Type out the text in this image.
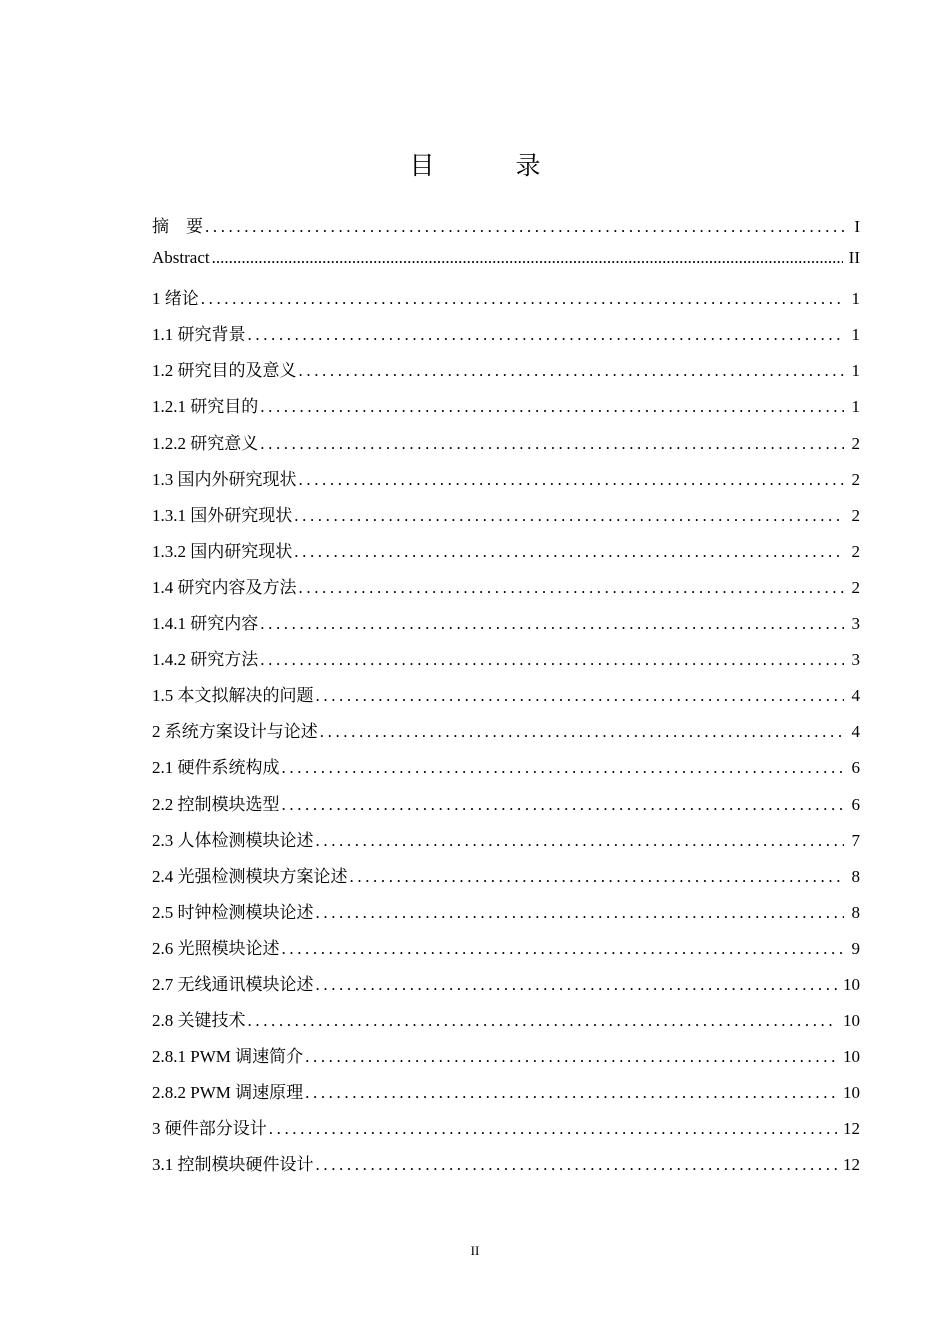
目　录
摘　要 .....	I
Abstract .....	II
1 绪论 .....	1
1.1 研究背景 .....	1
1.2 研究目的及意义 .....	1
1.2.1 研究目的 .....	1
1.2.2 研究意义 .....	2
1.3 国内外研究现状 .....	2
1.3.1 国外研究现状 .....	2
1.3.2 国内研究现状 .....	2
1.4 研究内容及方法 .....	2
1.4.1 研究内容 .....	3
1.4.2 研究方法 .....	3
1.5 本文拟解决的问题 .....	4
2 系统方案设计与论述 .....	4
2.1 硬件系统构成 .....	6
2.2 控制模块选型 .....	6
2.3 人体检测模块论述 .....	7
2.4 光强检测模块方案论述 .....	8
2.5 时钟检测模块论述 .....	8
2.6 光照模块论述 .....	9
2.7 无线通讯模块论述 .....	10
2.8 关键技术 .....	10
2.8.1 PWM 调速简介 .....	10
2.8.2 PWM 调速原理 .....	10
3 硬件部分设计 .....	12
3.1 控制模块硬件设计 .....	12
II
